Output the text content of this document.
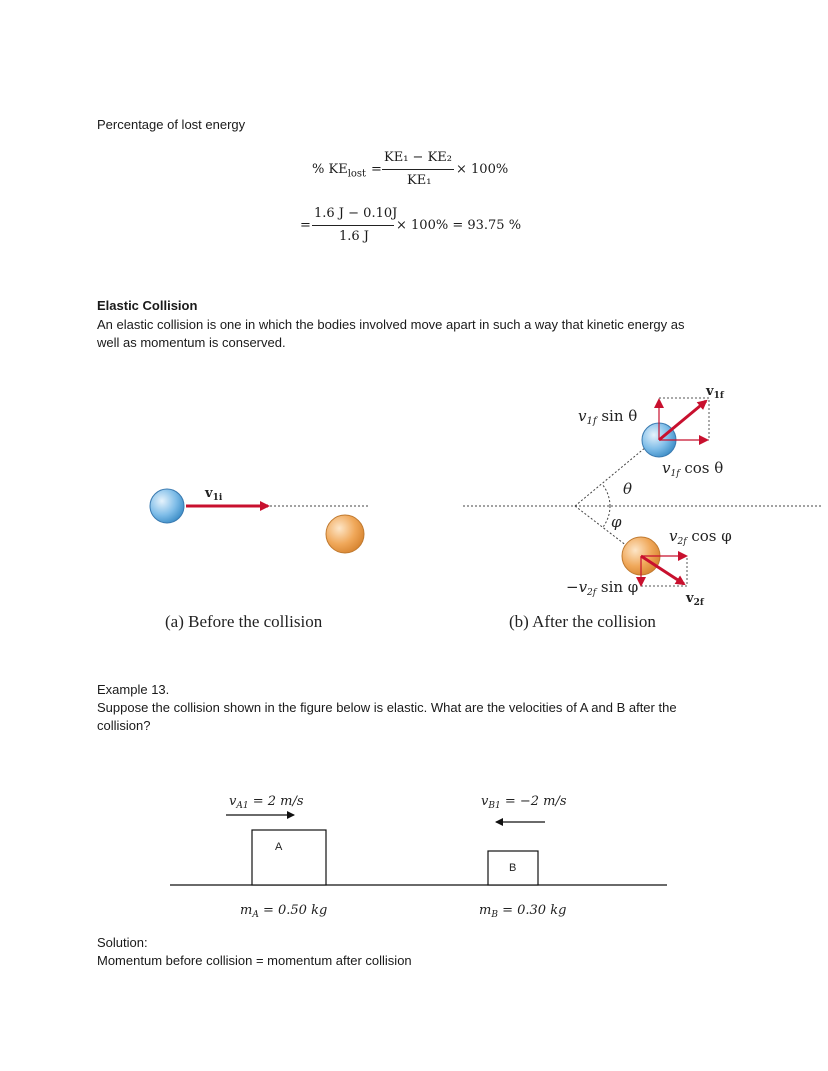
Percentage of lost energy
% $KE_{lost}$ =
KE₁ − KE₂
KE₁
× 100%
=
1.6 J − 0.10J
1.6 J
× 100% = 93.75 %
Elastic Collision
An elastic collision is one in which the bodies involved move apart in such a way that kinetic energy as
well as momentum is conserved.
$v_{1i}$	θ
φ
$v_{1f}$
$v_{1f}$ sin θ
$v_{1f}$ cos θ
$v_{2f}$ cos φ
$-v_{2f}$ sin φ
$v_{2f}$
(a) Before the collision	(b) After the collision
Example 13.
Suppose the collision shown in the figure below is elastic. What are the velocities of A and B after the
collision?
$v_{A1} = 2$ m/s	$v_{B1} = -2$ m/s
A
B
$m_A = 0.50$ kg	$m_B = 0.30$ kg
Solution:
Momentum before collision = momentum after collision
